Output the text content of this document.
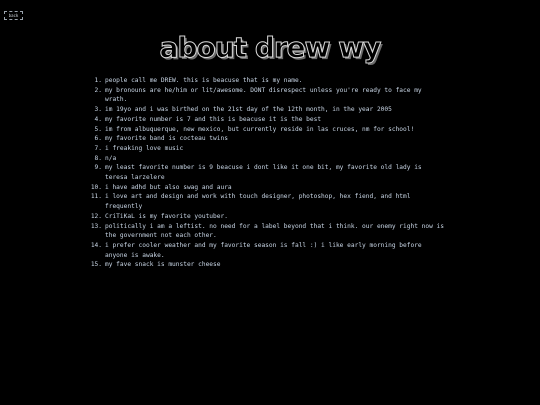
back
about drew wy
people call me DREW. this is beacuse that is my name.
my bronouns are he/him or lit/awesome. DONT disrespect unless you're ready to face my wrath.
im 19yo and i was birthed on the 21st day of the 12th month, in the year 2005
my favorite number is 7 and this is beacuse it is the best
im from albuquerque, new mexico, but currently reside in las cruces, nm for school!
my favorite band is cocteau twins
i freaking love music
n/a
my least favorite number is 9 beacuse i dont like it one bit, my favorite old lady is teresa larzelere
i have adhd but also swag and aura
i love art and design and work with touch designer, photoshop, hex fiend, and html frequently
CriTiKaL is my favorite youtuber.
politically i am a leftist. no need for a label beyond that i think. our enemy right now is the government not each other.
i prefer cooler weather and my favorite season is fall :) i like early morning before anyone is awake.
my fave snack is munster cheese
